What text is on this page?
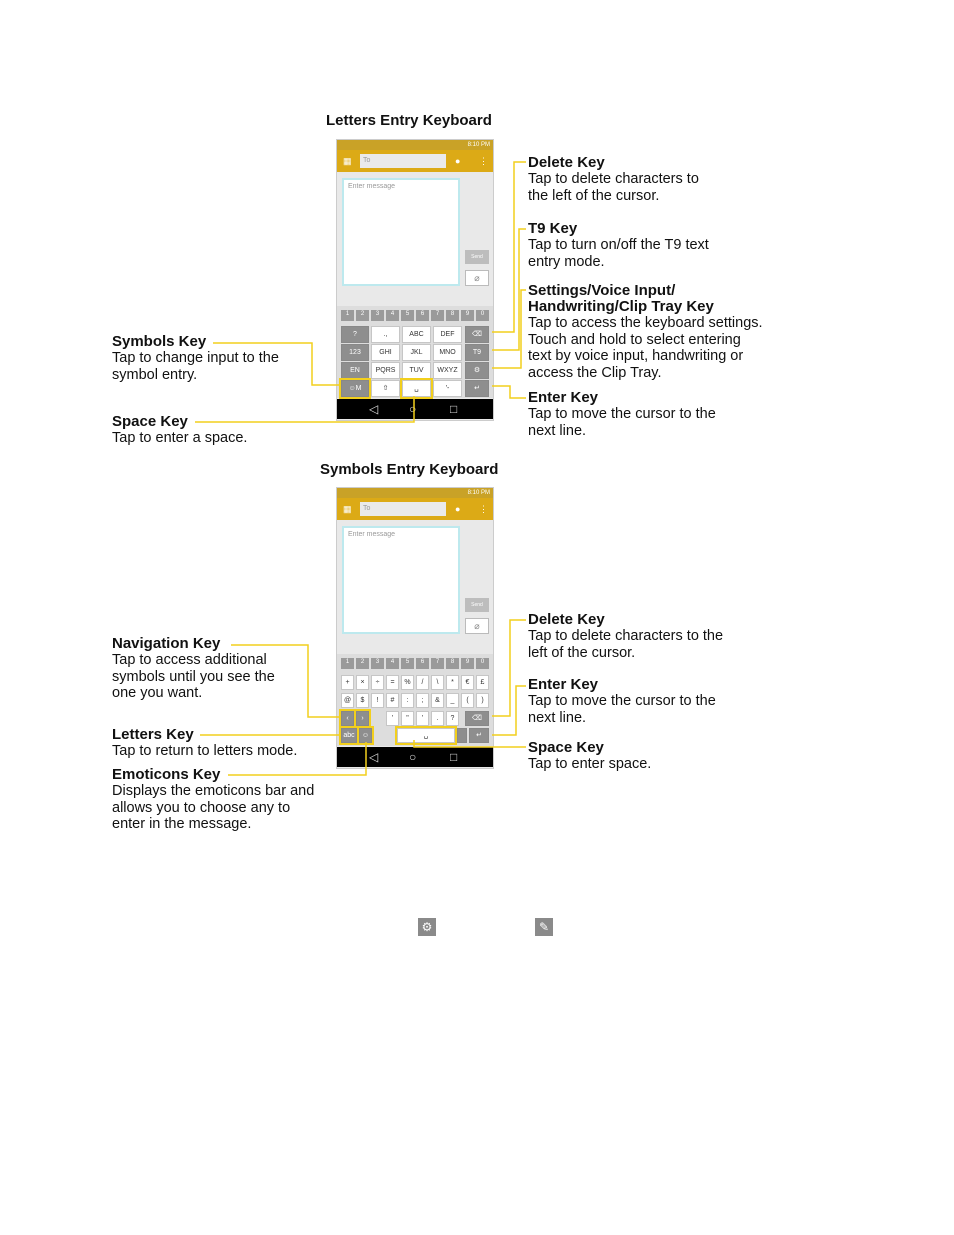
Letters Entry Keyboard
8:10 PM
▦	To	● ⋮
Enter message
Send
⌀
1	2	3	4	5	6	7	8	9	0
?	.,	ABC	DEF	⌫
123	GHI	JKL	MNO	T9
EN	PQRS	TUV	WXYZ	⚙
☺M	⇧	␣	'-	↵
◁	○	□
Symbols Key
Tap to change input to the
symbol entry.
Space Key
Tap to enter a space.
Delete Key
Tap to delete characters to
the left of the cursor.
T9 Key
Tap to turn on/off the T9 text
entry mode.
Settings/Voice Input/
Handwriting/Clip Tray Key
Tap to access the keyboard settings.
Touch and hold to select entering
text by voice input, handwriting or
access the Clip Tray.
Enter Key
Tap to move the cursor to the
next line.
Symbols Entry Keyboard
8:10 PM
▦	To	● ⋮
Enter message
Send
⌀
1	2	3	4	5	6	7	8	9	0
+	×	÷	=	%	/	\	*	€	£
@	$	!	#	:	;	&	_	(	)
‹	›	'	"	'	.	?	⌫
abc	☺	␣	↵
◁	○	□
Navigation Key
Tap to access additional
symbols until you see the
one you want.
Letters Key
Tap to return to letters mode.
Emoticons Key
Displays the emoticons bar and
allows you to choose any to
enter in the message.
Delete Key
Tap to delete characters to the
left of the cursor.
Enter Key
Tap to move the cursor to the
next line.
Space Key
Tap to enter space.
⚙	✎
